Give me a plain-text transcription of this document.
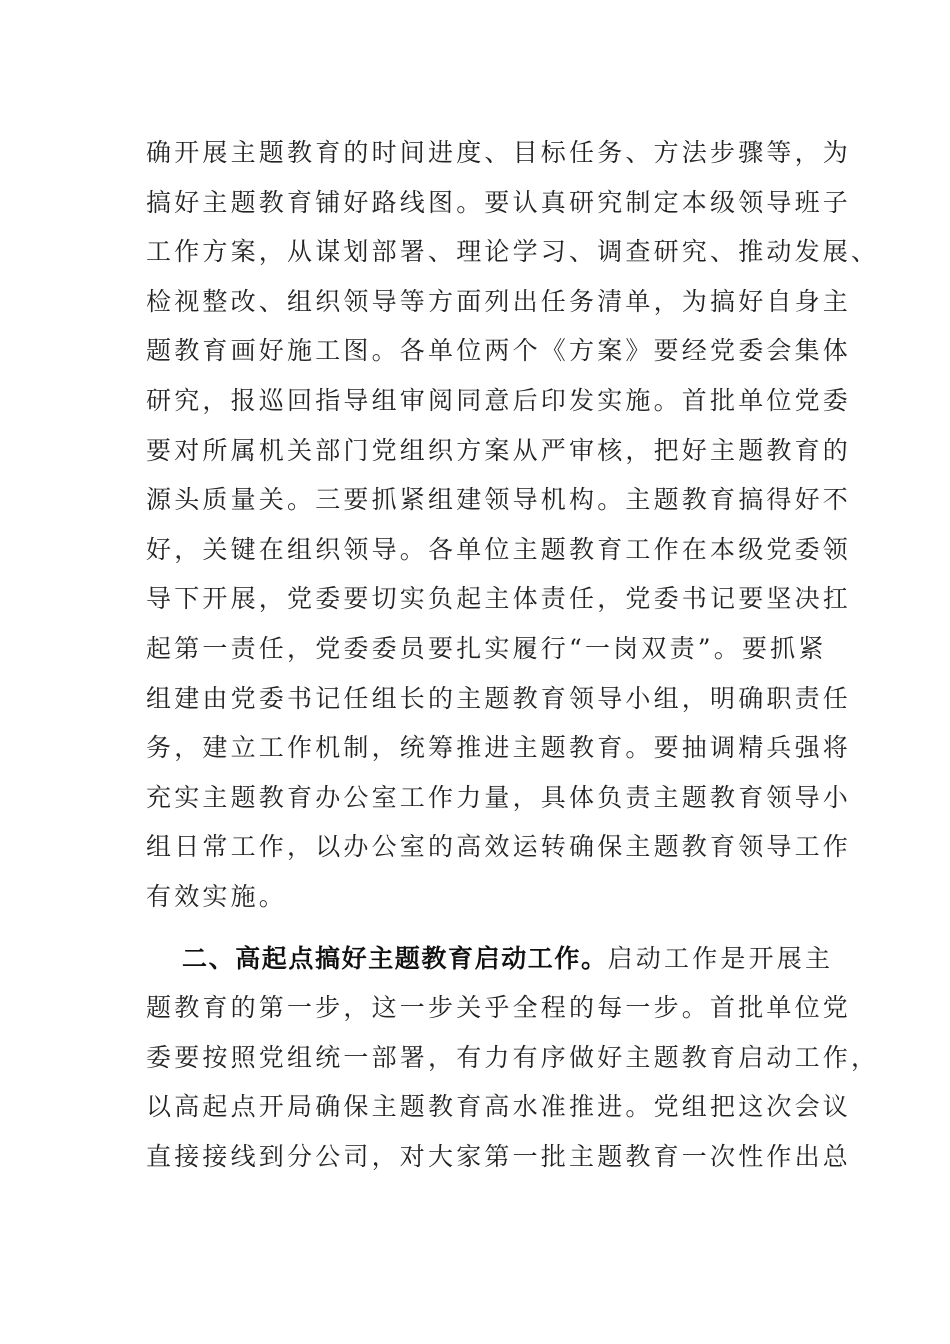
确开展主题教育的时间进度、目标任务、方法步骤等，为
搞好主题教育铺好路线图。要认真研究制定本级领导班子
工作方案，从谋划部署、理论学习、调查研究、推动发展、
检视整改、组织领导等方面列出任务清单，为搞好自身主
题教育画好施工图。各单位两个《方案》要经党委会集体
研究，报巡回指导组审阅同意后印发实施。首批单位党委
要对所属机关部门党组织方案从严审核，把好主题教育的
源头质量关。三要抓紧组建领导机构。主题教育搞得好不
好，关键在组织领导。各单位主题教育工作在本级党委领
导下开展，党委要切实负起主体责任，党委书记要坚决扛
起第一责任，党委委员要扎实履行“一岗双责”。要抓紧
组建由党委书记任组长的主题教育领导小组，明确职责任
务，建立工作机制，统筹推进主题教育。要抽调精兵强将
充实主题教育办公室工作力量，具体负责主题教育领导小
组日常工作，以办公室的高效运转确保主题教育领导工作
有效实施。
二、高起点搞好主题教育启动工作。启动工作是开展主
题教育的第一步，这一步关乎全程的每一步。首批单位党
委要按照党组统一部署，有力有序做好主题教育启动工作，
以高起点开局确保主题教育高水准推进。党组把这次会议
直接接线到分公司，对大家第一批主题教育一次性作出总
